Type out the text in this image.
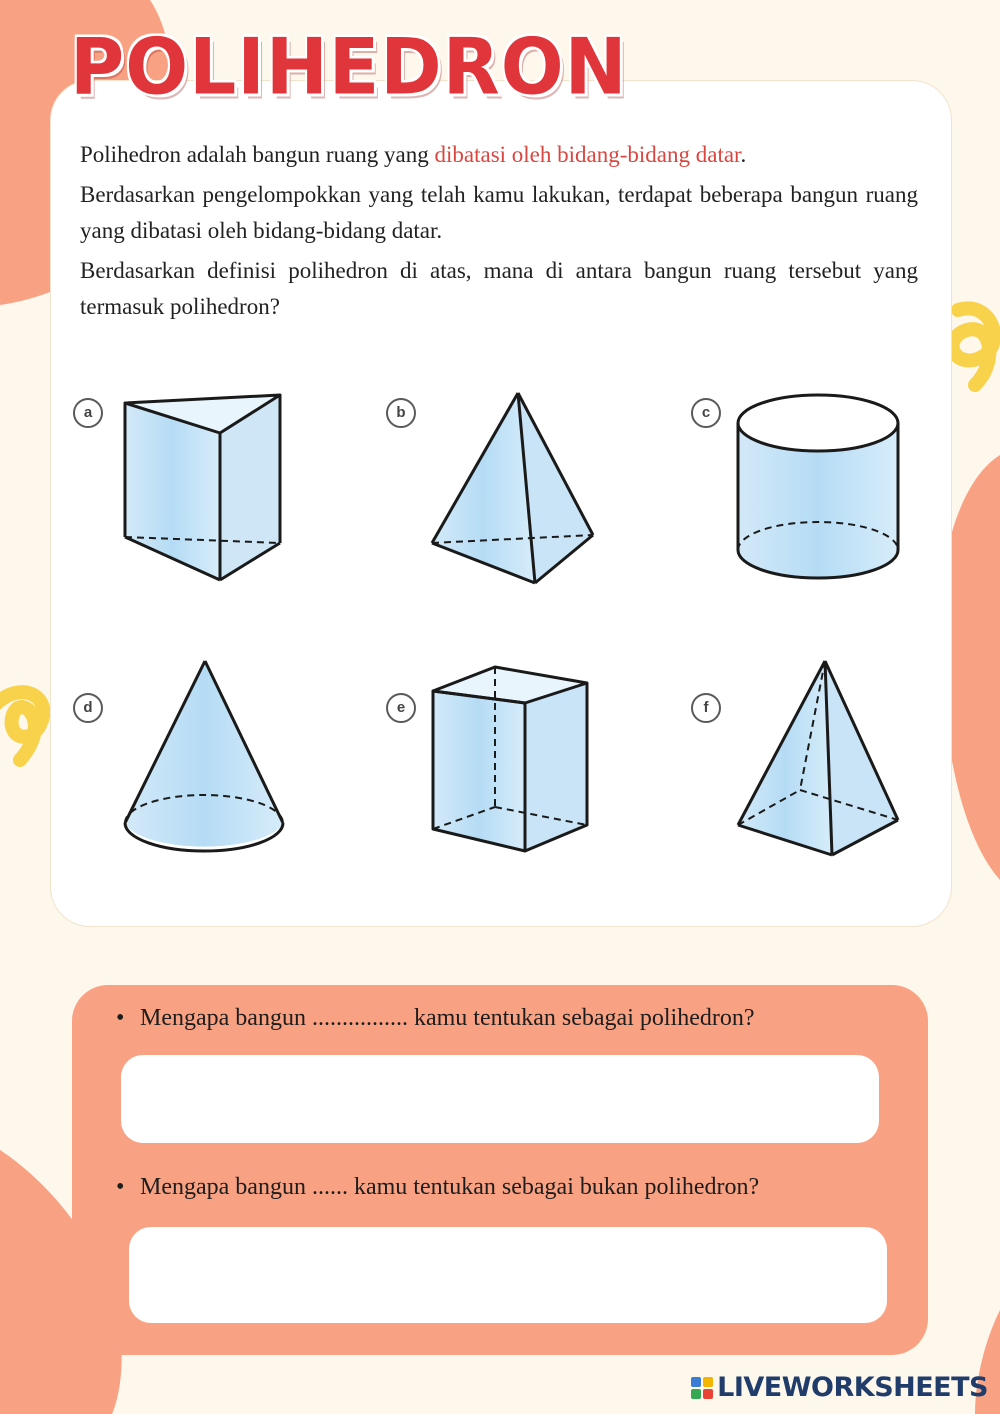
POLIHEDRON

Polihedron adalah bangun ruang yang dibatasi oleh bidang-bidang datar.

Berdasarkan pengelompokkan yang telah kamu lakukan, terdapat beberapa bangun ruang yang dibatasi oleh bidang-bidang datar.

Berdasarkan definisi polihedron di atas, mana di antara bangun ruang tersebut yang termasuk polihedron?

a	b	c
d	e	f
• Mengapa bangun ................ kamu tentukan sebagai polihedron?
• Mengapa bangun ...... kamu tentukan sebagai bukan polihedron?
LIVEWORKSHEETS
